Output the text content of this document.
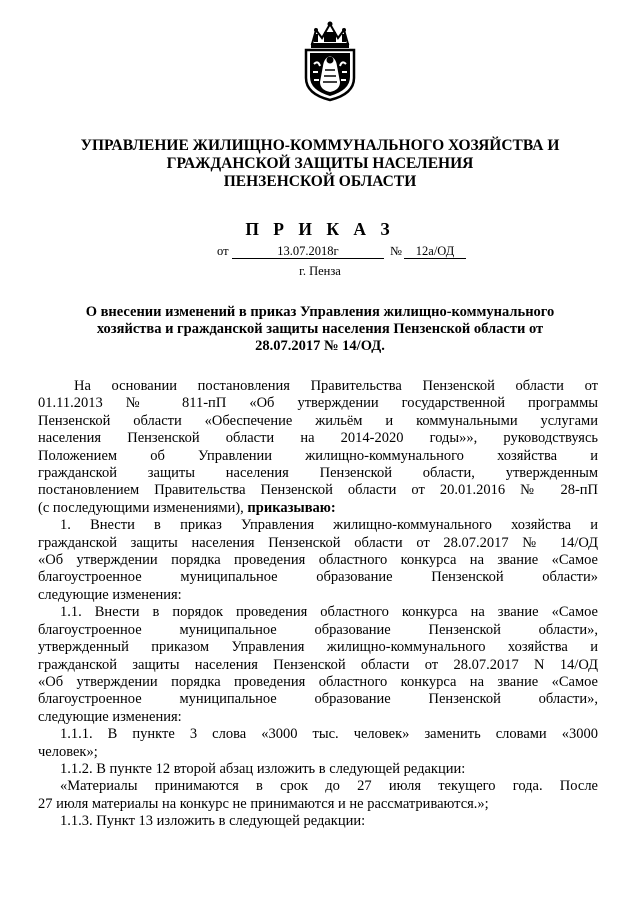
УПРАВЛЕНИЕ ЖИЛИЩНО-КОММУНАЛЬНОГО ХОЗЯЙСТВА И
ГРАЖДАНСКОЙ ЗАЩИТЫ НАСЕЛЕНИЯ
ПЕНЗЕНСКОЙ ОБЛАСТИ
П Р И К А З
от	13.07.2018г	№	12а/ОД
г. Пенза
О внесении изменений в приказ Управления жилищно-коммунального
хозяйства и гражданской защиты населения Пензенской области от
28.07.2017 № 14/ОД.

На основании постановления Правительства Пензенской области от
01.11.2013 № 811-пП «Об утверждении государственной программы
Пензенской области «Обеспечение жильём и коммунальными услугами
населения Пензенской области на 2014-2020 годы»», руководствуясь
Положением об Управлении жилищно-коммунального хозяйства и
гражданской защиты населения Пензенской области, утвержденным
постановлением Правительства Пензенской области от 20.01.2016 № 28-пП
(с последующими изменениями), приказываю:

1. Внести в приказ Управления жилищно-коммунального хозяйства и
гражданской защиты населения Пензенской области от 28.07.2017 № 14/ОД
«Об утверждении порядка проведения областного конкурса на звание «Самое
благоустроенное муниципальное образование Пензенской области»
следующие изменения:

1.1. Внести в порядок проведения областного конкурса на звание «Самое
благоустроенное муниципальное образование Пензенской области»,
утвержденный приказом Управления жилищно-коммунального хозяйства и
гражданской защиты населения Пензенской области от 28.07.2017 N 14/ОД
«Об утверждении порядка проведения областного конкурса на звание «Самое
благоустроенное муниципальное образование Пензенской области»,
следующие изменения:

1.1.1. В пункте 3 слова «3000 тыс. человек» заменить словами «3000
человек»;

1.1.2. В пункте 12 второй абзац изложить в следующей редакции:

«Материалы принимаются в срок до 27 июля текущего года. После
27 июля материалы на конкурс не принимаются и не рассматриваются.»;

1.1.3. Пункт 13 изложить в следующей редакции:
